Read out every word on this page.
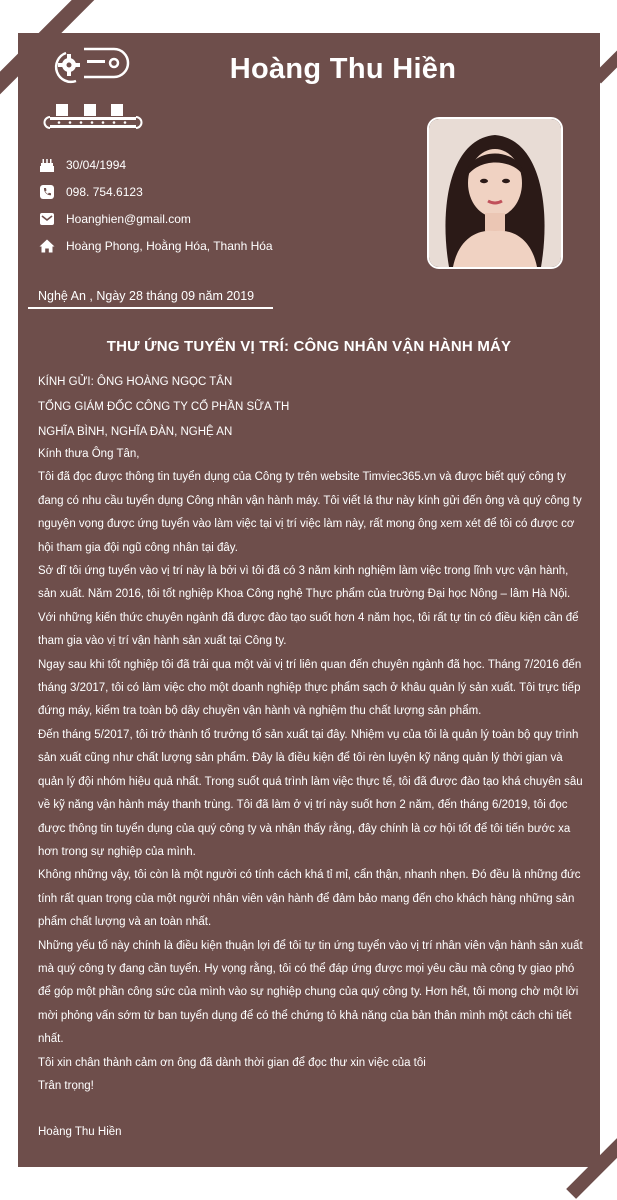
Hoàng Thu Hiền
30/04/1994
098. 754.6123
Hoanghien@gmail.com
Hoàng Phong, Hoằng Hóa, Thanh Hóa
Nghệ An , Ngày 28 tháng 09 năm 2019
THƯ ỨNG TUYỂN VỊ TRÍ: CÔNG NHÂN VẬN HÀNH MÁY
KÍNH GỬI: ÔNG HOÀNG NGỌC TÂN
TỔNG GIÁM ĐỐC CÔNG TY CỔ PHẦN SỮA TH
NGHĨA BÌNH, NGHĨA ĐÀN, NGHỆ AN

Kính thưa Ông Tân,

Tôi đã đọc được thông tin tuyển dụng của Công ty trên website Timviec365.vn và được biết quý công ty đang có nhu cầu tuyển dụng Công nhân vận hành máy. Tôi viết lá thư này kính gửi đến ông và quý công ty nguyện vọng được ứng tuyển vào làm việc tại vị trí việc làm này, rất mong ông xem xét để tôi có được cơ hội tham gia đội ngũ công nhân tại đây.

Sở dĩ tôi ứng tuyển vào vị trí này là bởi vì tôi đã có 3 năm kinh nghiệm làm việc trong lĩnh vực vận hành, sản xuất. Năm 2016, tôi tốt nghiệp Khoa Công nghệ Thực phẩm của trường Đại học Nông – lâm Hà Nội. Với những kiến thức chuyên ngành đã được đào tạo suốt hơn 4 năm học, tôi rất tự tin có điều kiện cần để tham gia vào vị trí vận hành sản xuất tại Công ty.

Ngay sau khi tốt nghiệp tôi đã trải qua một vài vị trí liên quan đến chuyên ngành đã học. Tháng 7/2016 đến tháng 3/2017, tôi có làm việc cho một doanh nghiệp thực phẩm sạch ở khâu quản lý sản xuất. Tôi trực tiếp đứng máy, kiểm tra toàn bộ dây chuyền vận hành và nghiệm thu chất lượng sản phẩm.

Đến tháng 5/2017, tôi trở thành tổ trưởng tổ sản xuất tại đây. Nhiệm vụ của tôi là quản lý toàn bộ quy trình sản xuất cũng như chất lượng sản phẩm. Đây là điều kiện để tôi rèn luyện kỹ năng quản lý thời gian và quản lý đội nhóm hiệu quả nhất. Trong suốt quá trình làm việc thực tế, tôi đã được đào tạo khá chuyên sâu về kỹ năng vận hành máy thanh trùng. Tôi đã làm ở vị trí này suốt hơn 2 năm, đến tháng 6/2019, tôi đọc được thông tin tuyển dụng của quý công ty và nhận thấy rằng, đây chính là cơ hội tốt để tôi tiến bước xa hơn trong sự nghiệp của mình.

Không những vậy, tôi còn là một người có tính cách khá tỉ mỉ, cẩn thận, nhanh nhẹn. Đó đều là những đức tính rất quan trọng của một người nhân viên vận hành để đảm bảo mang đến cho khách hàng những sản phẩm chất lượng và an toàn nhất.

Những yếu tố này chính là điều kiện thuận lợi để tôi tự tin ứng tuyển vào vị trí nhân viên vận hành sản xuất mà quý công ty đang cần tuyển. Hy vọng rằng, tôi có thể đáp ứng được mọi yêu cầu mà công ty giao phó để góp một phần công sức của mình vào sự nghiệp chung của quý công ty. Hơn hết, tôi mong chờ một lời mời phỏng vấn sớm từ ban tuyển dụng để có thể chứng tỏ khả năng của bản thân mình một cách chi tiết nhất.

Tôi xin chân thành cảm ơn ông đã dành thời gian để đọc thư xin việc của tôi

Trân trọng!

Hoàng Thu Hiền
